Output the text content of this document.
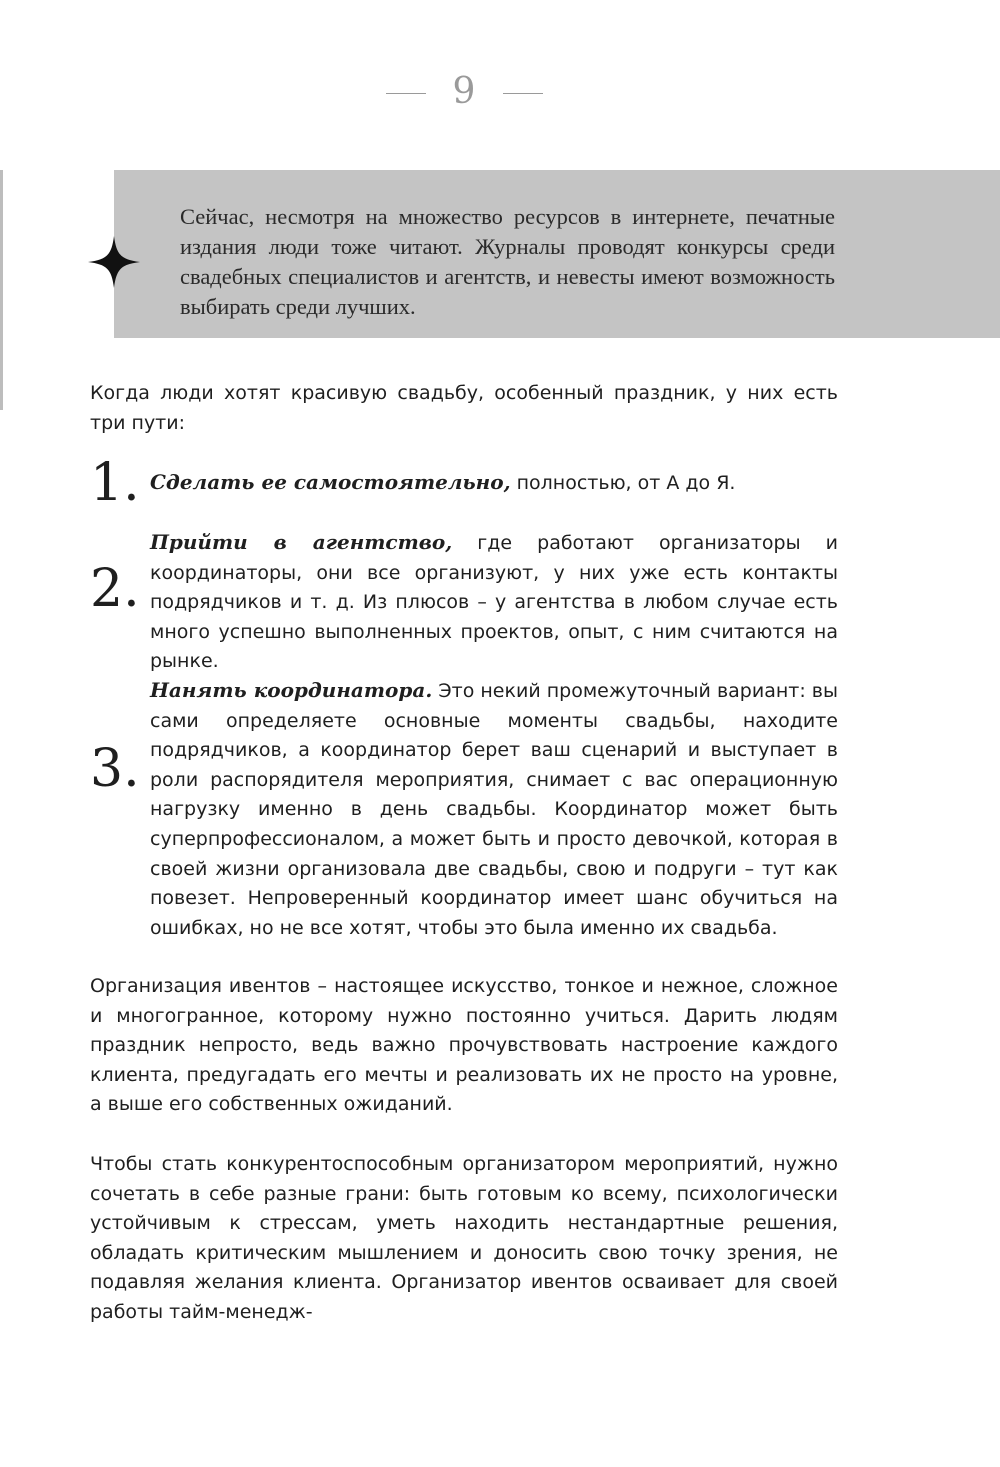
9
Сейчас, несмотря на множество ресурсов в интернете, печатные издания люди тоже читают. Журналы проводят конкурсы среди свадебных специалистов и агентств, и невесты имеют возможность выбирать среди лучших.
Когда люди хотят красивую свадьбу, особенный праздник, у них есть три пути:
1. Сделать ее самостоятельно, полностью, от А до Я.
2.
Прийти в агентство, где работают организаторы и координаторы, они все организуют, у них уже есть контакты подрядчиков и т. д. Из плюсов – у агентства в любом случае есть много успешно выполненных проектов, опыт, с ним считаются на рынке.
3.
Нанять координатора. Это некий промежуточный вариант: вы сами определяете основные моменты свадьбы, находите подрядчиков, а координатор берет ваш сценарий и выступает в роли распорядителя мероприятия, снимает с вас операционную нагрузку именно в день свадьбы. Координатор может быть суперпрофессионалом, а может быть и просто девочкой, которая в своей жизни организовала две свадьбы, свою и подруги – тут как повезет. Непроверенный координатор имеет шанс обучиться на ошибках, но не все хотят, чтобы это была именно их свадьба.
Организация ивентов – настоящее искусство, тонкое и нежное, сложное и многогранное, которому нужно постоянно учиться. Дарить людям праздник непросто, ведь важно прочувствовать настроение каждого клиента, предугадать его мечты и реализовать их не просто на уровне, а выше его собственных ожиданий.
Чтобы стать конкурентоспособным организатором мероприятий, нужно сочетать в себе разные грани: быть готовым ко всему, психологически устойчивым к стрессам, уметь находить нестандартные решения, обладать критическим мышлением и доносить свою точку зрения, не подавляя желания клиента. Организатор ивентов осваивает для своей работы тайм-менедж-
